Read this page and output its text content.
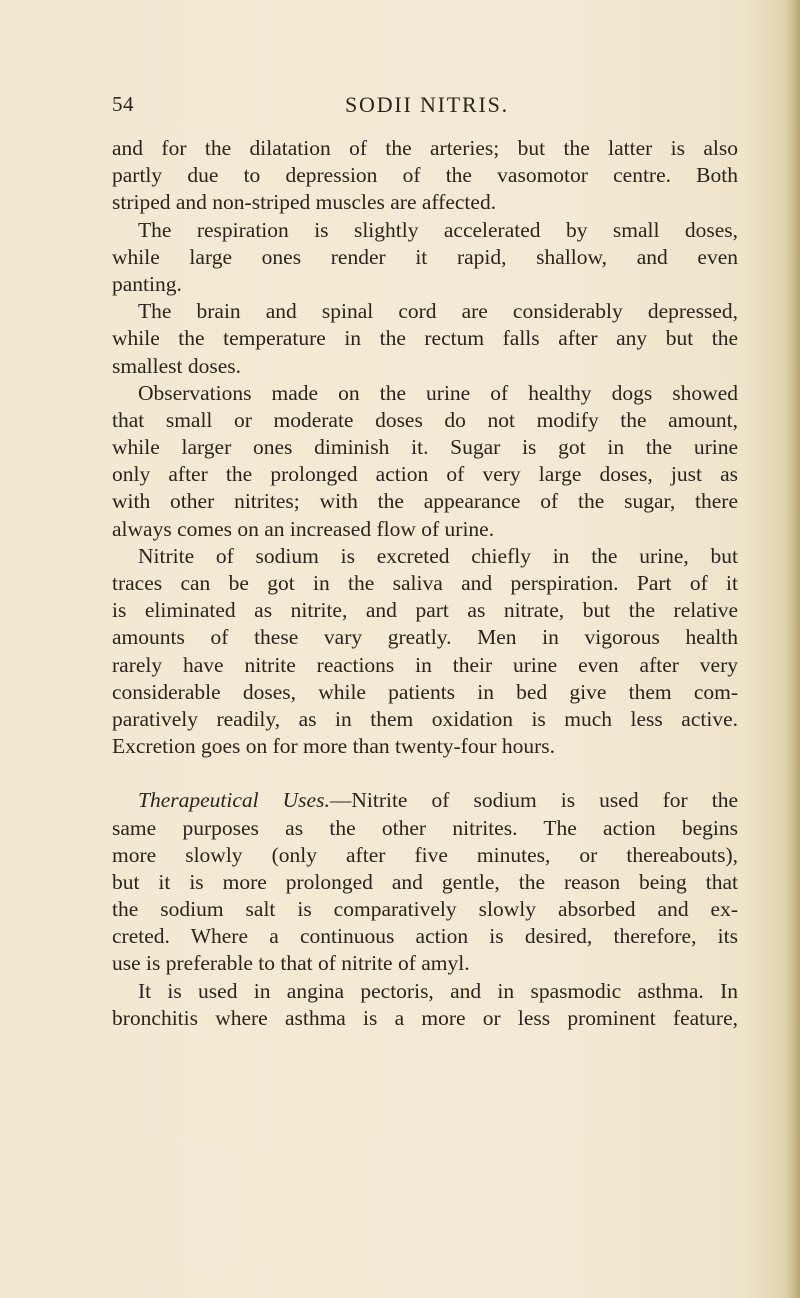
54	SODII NITRIS.
and for the dilatation of the arteries; but the latter is also
partly due to depression of the vasomotor centre. Both
striped and non-striped muscles are affected.
The respiration is slightly accelerated by small doses,
while large ones render it rapid, shallow, and even
panting.
The brain and spinal cord are considerably depressed,
while the temperature in the rectum falls after any but the
smallest doses.
Observations made on the urine of healthy dogs showed
that small or moderate doses do not modify the amount,
while larger ones diminish it. Sugar is got in the urine
only after the prolonged action of very large doses, just as
with other nitrites; with the appearance of the sugar, there
always comes on an increased flow of urine.
Nitrite of sodium is excreted chiefly in the urine, but
traces can be got in the saliva and perspiration. Part of it
is eliminated as nitrite, and part as nitrate, but the relative
amounts of these vary greatly. Men in vigorous health
rarely have nitrite reactions in their urine even after very
considerable doses, while patients in bed give them com-
paratively readily, as in them oxidation is much less active.
Excretion goes on for more than twenty-four hours.
Therapeutical Uses.—Nitrite of sodium is used for the
same purposes as the other nitrites. The action begins
more slowly (only after five minutes, or thereabouts),
but it is more prolonged and gentle, the reason being that
the sodium salt is comparatively slowly absorbed and ex-
creted. Where a continuous action is desired, therefore, its
use is preferable to that of nitrite of amyl.
It is used in angina pectoris, and in spasmodic asthma. In
bronchitis where asthma is a more or less prominent feature,
